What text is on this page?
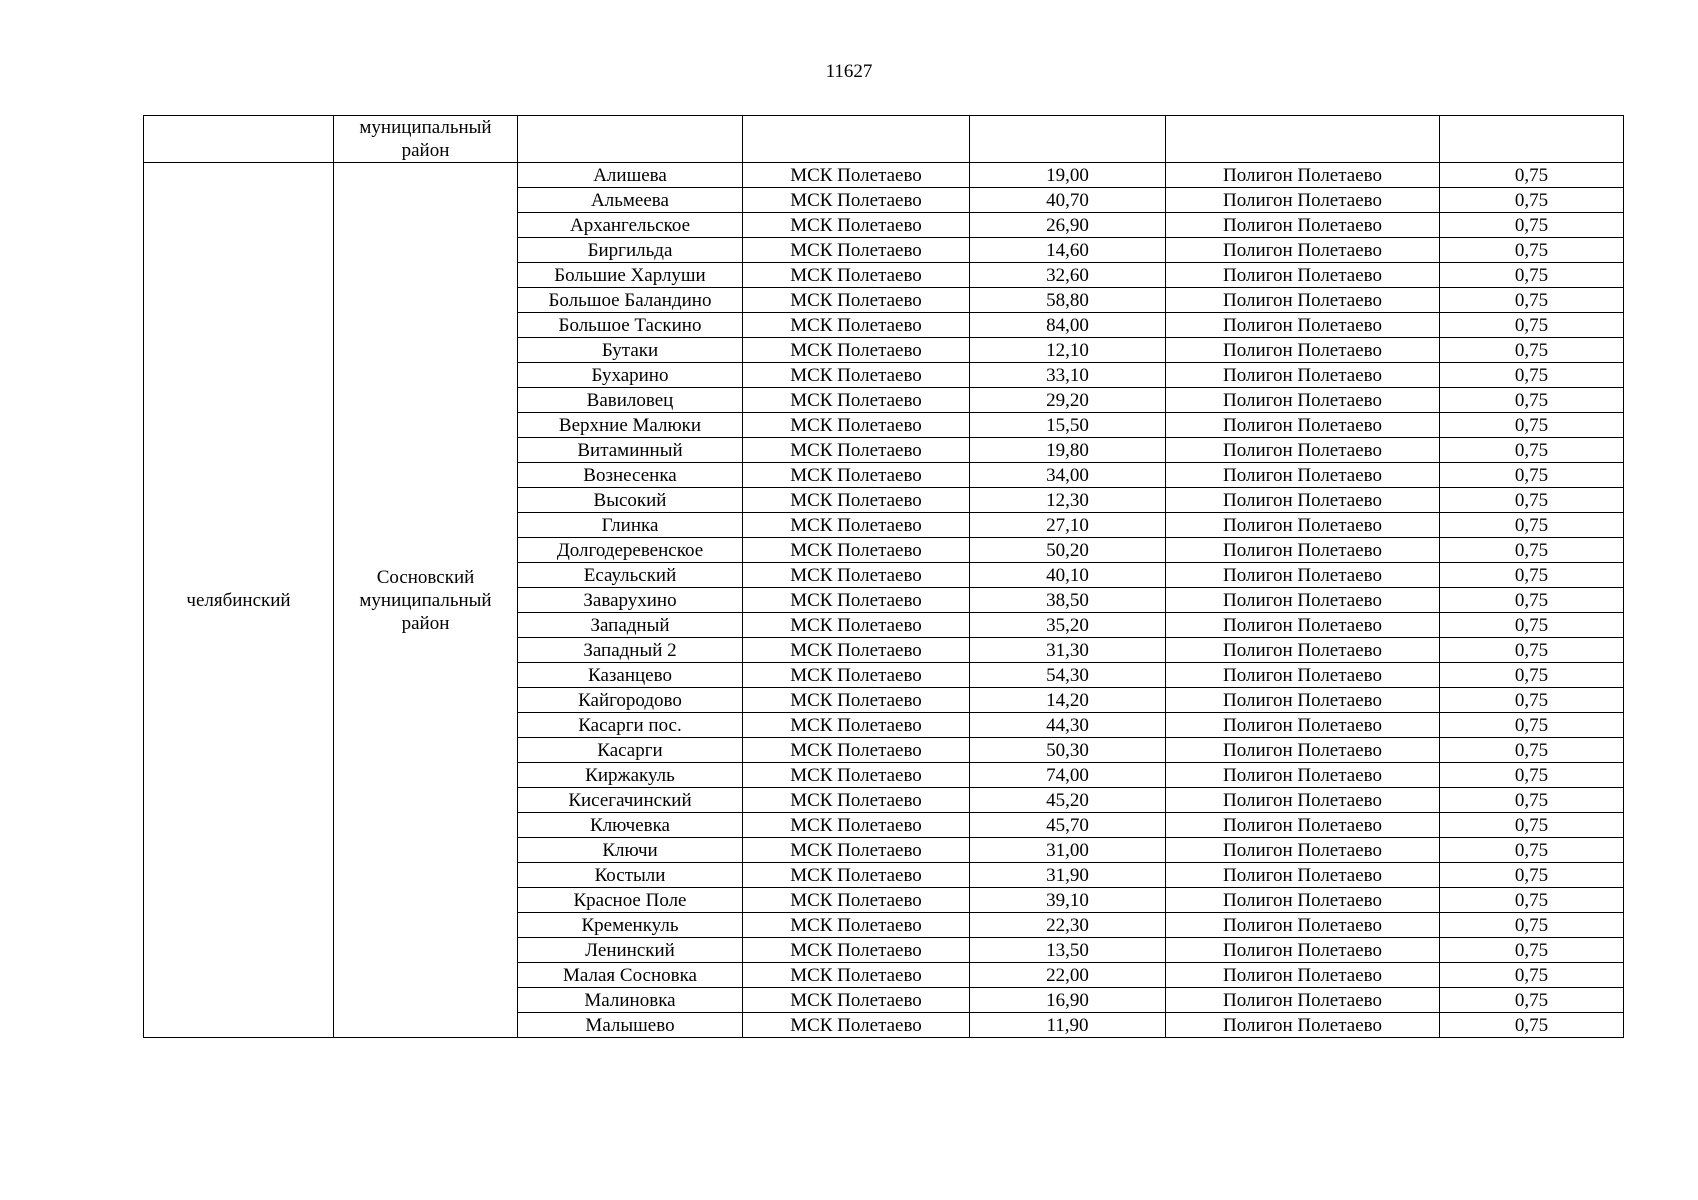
11627
	муниципальный район					
челябинский	Сосновский муниципальный район	Алишева	МСК Полетаево	19,00	Полигон Полетаево	0,75
		Альмеева	МСК Полетаево	40,70	Полигон Полетаево	0,75
		Архангельское	МСК Полетаево	26,90	Полигон Полетаево	0,75
		Биргильда	МСК Полетаево	14,60	Полигон Полетаево	0,75
		Большие Харлуши	МСК Полетаево	32,60	Полигон Полетаево	0,75
		Большое Баландино	МСК Полетаево	58,80	Полигон Полетаево	0,75
		Большое Таскино	МСК Полетаево	84,00	Полигон Полетаево	0,75
		Бутаки	МСК Полетаево	12,10	Полигон Полетаево	0,75
		Бухарино	МСК Полетаево	33,10	Полигон Полетаево	0,75
		Вавиловец	МСК Полетаево	29,20	Полигон Полетаево	0,75
		Верхние Малюки	МСК Полетаево	15,50	Полигон Полетаево	0,75
		Витаминный	МСК Полетаево	19,80	Полигон Полетаево	0,75
		Вознесенка	МСК Полетаево	34,00	Полигон Полетаево	0,75
		Высокий	МСК Полетаево	12,30	Полигон Полетаево	0,75
		Глинка	МСК Полетаево	27,10	Полигон Полетаево	0,75
		Долгодеревенское	МСК Полетаево	50,20	Полигон Полетаево	0,75
		Есаульский	МСК Полетаево	40,10	Полигон Полетаево	0,75
		Заварухино	МСК Полетаево	38,50	Полигон Полетаево	0,75
		Западный	МСК Полетаево	35,20	Полигон Полетаево	0,75
		Западный 2	МСК Полетаево	31,30	Полигон Полетаево	0,75
		Казанцево	МСК Полетаево	54,30	Полигон Полетаево	0,75
		Кайгородово	МСК Полетаево	14,20	Полигон Полетаево	0,75
		Касарги пос.	МСК Полетаево	44,30	Полигон Полетаево	0,75
		Касарги	МСК Полетаево	50,30	Полигон Полетаево	0,75
		Киржакуль	МСК Полетаево	74,00	Полигон Полетаево	0,75
		Кисегачинский	МСК Полетаево	45,20	Полигон Полетаево	0,75
		Ключевка	МСК Полетаево	45,70	Полигон Полетаево	0,75
		Ключи	МСК Полетаево	31,00	Полигон Полетаево	0,75
		Костыли	МСК Полетаево	31,90	Полигон Полетаево	0,75
		Красное Поле	МСК Полетаево	39,10	Полигон Полетаево	0,75
		Кременкуль	МСК Полетаево	22,30	Полигон Полетаево	0,75
		Ленинский	МСК Полетаево	13,50	Полигон Полетаево	0,75
		Малая Сосновка	МСК Полетаево	22,00	Полигон Полетаево	0,75
		Малиновка	МСК Полетаево	16,90	Полигон Полетаево	0,75
		Малышево	МСК Полетаево	11,90	Полигон Полетаево	0,75
